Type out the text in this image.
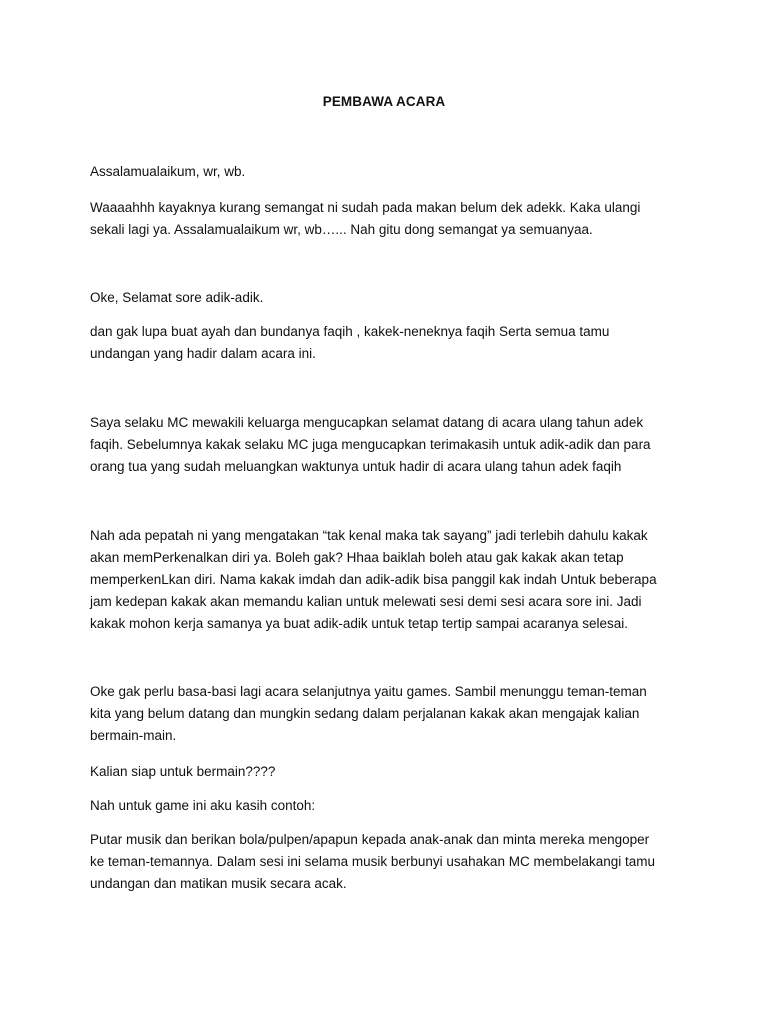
PEMBAWA ACARA

Assalamualaikum, wr, wb.

Waaaahhh kayaknya kurang semangat ni sudah pada makan belum dek adekk. Kaka ulangi
sekali lagi ya. Assalamualaikum wr, wb…... Nah gitu dong semangat ya semuanyaa.

Oke, Selamat sore adik-adik.

dan gak lupa buat ayah dan bundanya faqih , kakek-neneknya faqih Serta semua tamu
undangan yang hadir dalam acara ini.

Saya selaku MC mewakili keluarga mengucapkan selamat datang di acara ulang tahun adek
faqih. Sebelumnya kakak selaku MC juga mengucapkan terimakasih untuk adik-adik dan para
orang tua yang sudah meluangkan waktunya untuk hadir di acara ulang tahun adek faqih

Nah ada pepatah ni yang mengatakan “tak kenal maka tak sayang” jadi terlebih dahulu kakak
akan memPerkenalkan diri ya. Boleh gak? Hhaa baiklah boleh atau gak kakak akan tetap
memperkenLkan diri. Nama kakak imdah dan adik-adik bisa panggil kak indah Untuk beberapa
jam kedepan kakak akan memandu kalian untuk melewati sesi demi sesi acara sore ini. Jadi
kakak mohon kerja samanya ya buat adik-adik untuk tetap tertip sampai acaranya selesai.

Oke gak perlu basa-basi lagi acara selanjutnya yaitu games. Sambil menunggu teman-teman
kita yang belum datang dan mungkin sedang dalam perjalanan kakak akan mengajak kalian
bermain-main.

Kalian siap untuk bermain????

Nah untuk game ini aku kasih contoh:

Putar musik dan berikan bola/pulpen/apapun kepada anak-anak dan minta mereka mengoper
ke teman-temannya. Dalam sesi ini selama musik berbunyi usahakan MC membelakangi tamu
undangan dan matikan musik secara acak.
